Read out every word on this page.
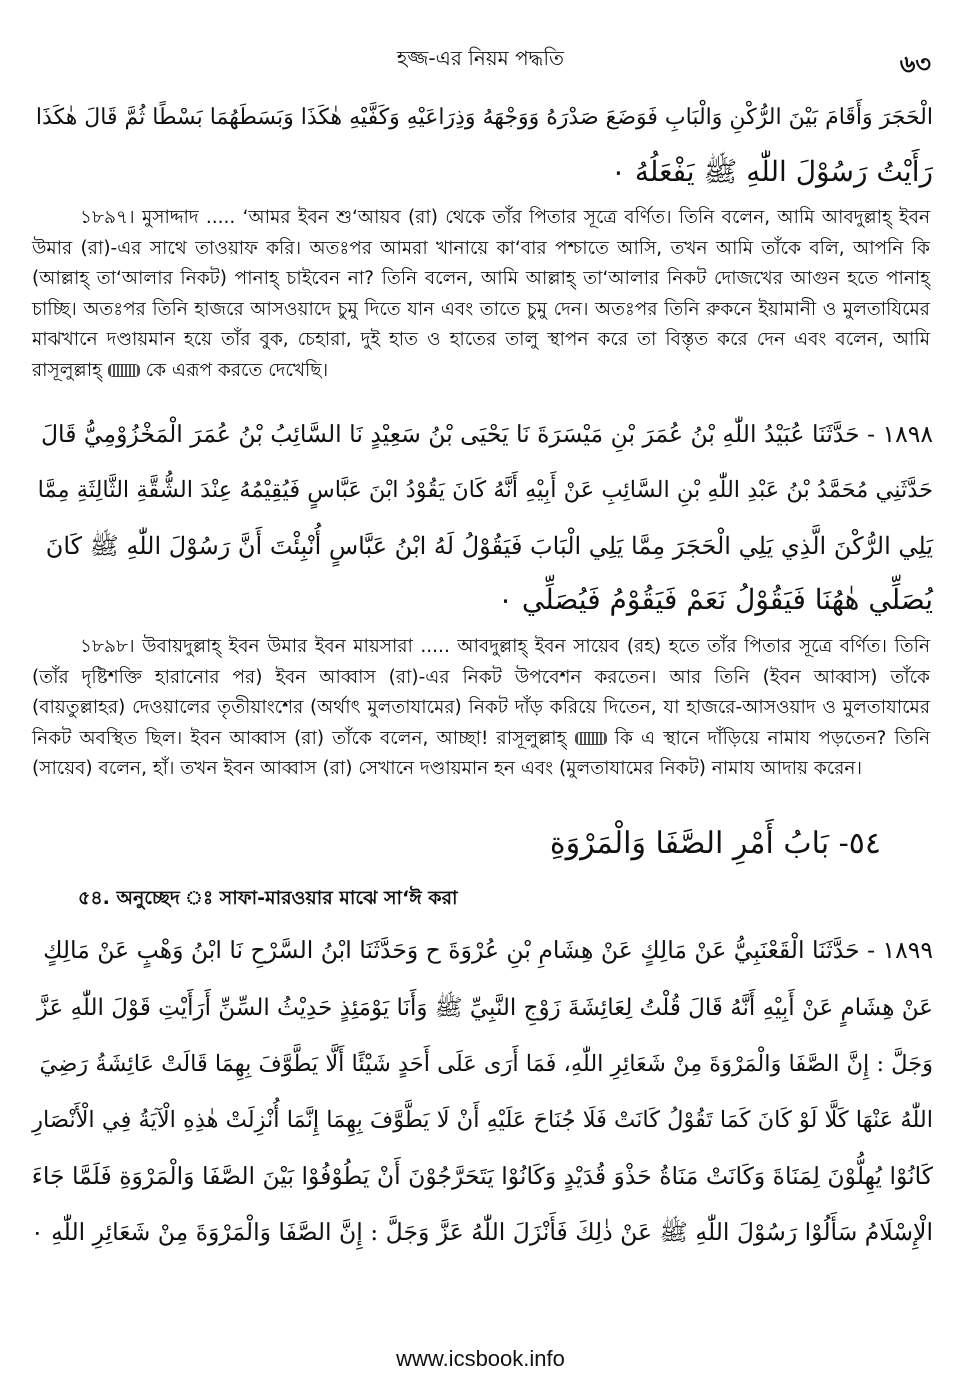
হজ্জ-এর নিয়ম পদ্ধতি	৬৩
الْحَجَرَ وَأَقَامَ بَيْنَ الرُّكْنِ وَالْبَابِ فَوَضَعَ صَدْرَهُ وَوَجْهَهُ وَذِرَاعَيْهِ وَكَفَّيْهِ هٰكَذَا وَبَسَطَهُمَا بَسْطًا ثُمَّ قَالَ هٰكَذَا
رَأَيْتُ رَسُوْلَ اللّٰهِ ﷺ يَفْعَلُهُ ۰

১৮৯৭। মুসাদ্দাদ ..... ‘আমর ইবন শু‘আয়ব (রা) থেকে তাঁর পিতার সূত্রে বর্ণিত। তিনি বলেন, আমি আবদুল্লাহ্ ইবন উমার (রা)-এর সাথে তাওয়াফ করি। অতঃপর আমরা খানায়ে কা‘বার পশ্চাতে আসি, তখন আমি তাঁকে বলি, আপনি কি (আল্লাহ্ তা‘আলার নিকট) পানাহ্ চাইবেন না? তিনি বলেন, আমি আল্লাহ্ তা‘আলার নিকট দোজখের আগুন হতে পানাহ্ চাচ্ছি। অতঃপর তিনি হাজরে আসওয়াদে চুমু দিতে যান এবং তাতে চুমু দেন। অতঃপর তিনি রুকনে ইয়ামানী ও মুলতাযিমের মাঝখানে দণ্ডায়মান হয়ে তাঁর বুক, চেহারা, দুই হাত ও হাতের তালু স্থাপন করে তা বিস্তৃত করে দেন এবং বলেন, আমি রাসূলুল্লাহ্ কে এরূপ করতে দেখেছি।

١٨٩٨ - حَدَّثَنَا عُبَيْدُ اللّٰهِ بْنُ عُمَرَ بْنِ مَيْسَرَةَ نَا يَحْيَى بْنُ سَعِيْدٍ نَا السَّائِبُ بْنُ عُمَرَ الْمَخْزُوْمِيُّ قَالَ
حَدَّثَنِي مُحَمَّدُ بْنُ عَبْدِ اللّٰهِ بْنِ السَّائِبِ عَنْ أَبِيْهِ أَنَّهُ كَانَ يَقُوْدُ ابْنَ عَبَّاسٍ فَيُقِيْمُهُ عِنْدَ الشُّقَّةِ الثَّالِثَةِ مِمَّا
يَلِي الرُّكْنَ الَّذِي يَلِي الْحَجَرَ مِمَّا يَلِي الْبَابَ فَيَقُوْلُ لَهُ ابْنُ عَبَّاسٍ أُنْبِئْتَ أَنَّ رَسُوْلَ اللّٰهِ ﷺ كَانَ
يُصَلِّي هٰهُنَا فَيَقُوْلُ نَعَمْ فَيَقُوْمُ فَيُصَلِّي ۰

১৮৯৮। উবায়দুল্লাহ্ ইবন উমার ইবন মায়সারা ..... আবদুল্লাহ্ ইবন সায়েব (রহ) হতে তাঁর পিতার সূত্রে বর্ণিত। তিনি (তাঁর দৃষ্টিশক্তি হারানোর পর) ইবন আব্বাস (রা)-এর নিকট উপবেশন করতেন। আর তিনি (ইবন আব্বাস) তাঁকে (বায়তুল্লাহর) দেওয়ালের তৃতীয়াংশের (অর্থাৎ মুলতাযামের) নিকট দাঁড় করিয়ে দিতেন, যা হাজরে-আসওয়াদ ও মুলতাযামের নিকট অবস্থিত ছিল। ইবন আব্বাস (রা) তাঁকে বলেন, আচ্ছা! রাসূলুল্লাহ্	কি এ স্থানে দাঁড়িয়ে নামায পড়তেন? তিনি (সায়েব) বলেন, হাঁ। তখন ইবন আব্বাস (রা) সেখানে দণ্ডায়মান হন এবং (মুলতাযামের নিকট) নামায আদায় করেন।

٥٤- بَابُ أَمْرِ الصَّفَا وَالْمَرْوَةِ
৫৪. অনুচ্ছেদ ঃ সাফা-মারওয়ার মাঝে সা‘ঈ করা
١٨٩٩ - حَدَّثَنَا الْقَعْنَبِيُّ عَنْ مَالِكٍ عَنْ هِشَامِ بْنِ عُرْوَةَ ح وَحَدَّثَنَا ابْنُ السَّرْحِ نَا ابْنُ وَهْبٍ عَنْ مَالِكٍ
عَنْ هِشَامٍ عَنْ أَبِيْهِ أَنَّهُ قَالَ قُلْتُ لِعَائِشَةَ زَوْجِ النَّبِيِّ ﷺ وَأَنَا يَوْمَئِذٍ حَدِيْثُ السِّنِّ أَرَأَيْتِ قَوْلَ اللّٰهِ عَزَّ
وَجَلَّ : إِنَّ الصَّفَا وَالْمَرْوَةَ مِنْ شَعَائِرِ اللّٰهِ، فَمَا أَرَى عَلَى أَحَدٍ شَيْئًا أَلَّا يَطَّوَّفَ بِهِمَا قَالَتْ عَائِشَةُ رَضِيَ
اللّٰهُ عَنْهَا كَلَّا لَوْ كَانَ كَمَا تَقُوْلُ كَانَتْ فَلَا جُنَاحَ عَلَيْهِ أَنْ لَا يَطَّوَّفَ بِهِمَا إِنَّمَا أُنْزِلَتْ هٰذِهِ الْآيَةُ فِي الْأَنْصَارِ
كَانُوْا يُهِلُّوْنَ لِمَنَاةَ وَكَانَتْ مَنَاةُ حَذْوَ قُدَيْدٍ وَكَانُوْا يَتَحَرَّجُوْنَ أَنْ يَطُوْفُوْا بَيْنَ الصَّفَا وَالْمَرْوَةِ فَلَمَّا جَاءَ
الْإِسْلَامُ سَأَلُوْا رَسُوْلَ اللّٰهِ ﷺ عَنْ ذٰلِكَ فَأَنْزَلَ اللّٰهُ عَزَّ وَجَلَّ : إِنَّ الصَّفَا وَالْمَرْوَةَ مِنْ شَعَائِرِ اللّٰهِ ۰
www.icsbook.info
